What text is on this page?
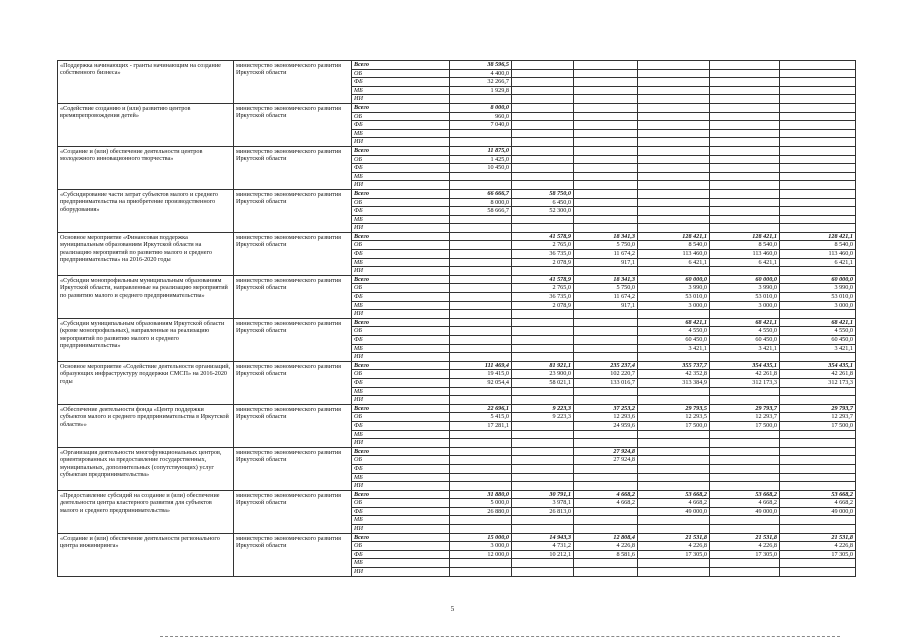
«Поддержка начинающих - гранты начинающим на создание собственного бизнеса»	министерство экономического развития Иркутской области	Всего	38 596,5					
		ОБ	4 400,0					
		ФБ	32 266,7					
		МБ	1 929,8					
		ИИ						
«Содействие созданию и (или) развитию центров времяпрепровождения детей»	министерство экономического развития Иркутской области	Всего	8 000,0					
		ОБ	960,0					
		ФБ	7 040,0					
		МБ						
		ИИ						
«Создание и (или) обеспечение деятельности центров молодежного инновационного творчества»	министерство экономического развития Иркутской области	Всего	11 875,0					
		ОБ	1 425,0					
		ФБ	10 450,0					
		МБ						
		ИИ						
«Субсидирование части затрат субъектов малого и среднего предпринимательства на приобретение производственного оборудования»	министерство экономического развития Иркутской области	Всего	66 666,7	58 750,0				
		ОБ	8 000,0	6 450,0				
		ФБ	58 666,7	52 300,0				
		МБ						
		ИИ						
Основное мероприятие «Финансовая поддержка муниципальным образованиям Иркутской области на реализацию мероприятий по развитию малого и среднего предпринимательства» на 2016-2020 годы	министерство экономического развития Иркутской области	Всего		41 578,9	18 341,3	128 421,1	128 421,1	128 421,1
		ОБ		2 765,0	5 750,0	8 540,0	8 540,0	8 540,0
		ФБ		36 735,0	11 674,2	113 460,0	113 460,0	113 460,0
		МБ		2 078,9	917,1	6 421,1	6 421,1	6 421,1
		ИИ						
«Субсидии монопрофильным муниципальным образованиям Иркутской области, направленные на реализацию мероприятий по развитию малого и среднего предпринимательства»	министерство экономического развития Иркутской области	Всего		41 578,9	18 341,3	60 000,0	60 000,0	60 000,0
		ОБ		2 765,0	5 750,0	3 990,0	3 990,0	3 990,0
		ФБ		36 735,0	11 674,2	53 010,0	53 010,0	53 010,0
		МБ		2 078,9	917,1	3 000,0	3 000,0	3 000,0
		ИИ						
«Субсидии муниципальным образованиям Иркутской области (кроме монопрофильных), направленные на реализацию мероприятий по развитию малого и среднего предпринимательства»	министерство экономического развития Иркутской области	Всего				68 421,1	68 421,1	68 421,1
		ОБ				4 550,0	4 550,0	4 550,0
		ФБ				60 450,0	60 450,0	60 450,0
		МБ				3 421,1	3 421,1	3 421,1
		ИИ						
Основное мероприятие «Содействие деятельности организаций, образующих инфраструктуру поддержки СМСП» на 2016-2020 годы	министерство экономического развития Иркутской области	Всего	111 469,4	81 921,1	235 237,4	355 737,7	354 435,1	354 435,1
		ОБ	19 415,0	23 900,0	102 220,7	42 352,8	42 261,8	42 261,8
		ФБ	92 054,4	58 021,1	133 016,7	313 384,9	312 173,3	312 173,3
		МБ						
		ИИ						
«Обеспечение деятельности фонда «Центр поддержки субъектов малого и среднего предпринимательства в Иркутской области»»	министерство экономического развития Иркутской области	Всего	22 696,1	9 223,3	37 253,2	29 793,5	29 793,7	29 793,7
		ОБ	5 415,0	9 223,3	12 293,6	12 293,5	12 293,7	12 293,7
		ФБ	17 281,1		24 959,6	17 500,0	17 500,0	17 500,0
		МБ						
		ИИ						
«Организация деятельности многофункциональных центров, ориентированных на предоставление государственных, муниципальных, дополнительных (сопутствующих) услуг субъектам предпринимательства»	министерство экономического развития Иркутской области	Всего			27 924,8			
		ОБ			27 924,8			
		ФБ						
		МБ						
		ИИ						
«Предоставление субсидий на создание и (или) обеспечение деятельности центра кластерного развития для субъектов малого и среднего предпринимательства»	министерство экономического развития Иркутской области	Всего	31 880,0	30 791,1	4 668,2	53 668,2	53 668,2	53 668,2
		ОБ	5 000,0	3 978,1	4 668,2	4 668,2	4 668,2	4 668,2
		ФБ	26 880,0	26 813,0		49 000,0	49 000,0	49 000,0
		МБ						
		ИИ						
«Создание и (или) обеспечение деятельности регионального центра инжиниринга»	министерство экономического развития Иркутской области	Всего	15 000,0	14 943,3	12 808,4	21 531,8	21 531,8	21 531,8
		ОБ	3 000,0	4 731,2	4 226,8	4 226,8	4 226,8	4 226,8
		ФБ	12 000,0	10 212,1	8 581,6	17 305,0	17 305,0	17 305,0
		МБ						
		ИИ						
5
